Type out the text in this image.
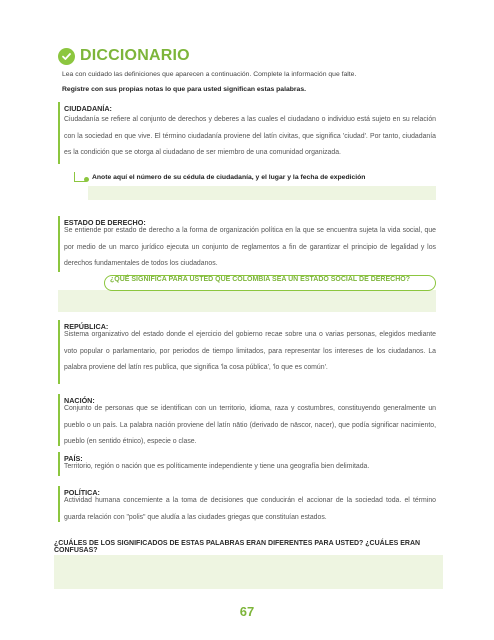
DICCIONARIO
Lea con cuidado las definiciones que aparecen a continuación. Complete la información que falte.
Registre con sus propias notas lo que para usted significan estas palabras.
CIUDADANÍA:
Ciudadanía se refiere al conjunto de derechos y deberes a las cuales el ciudadano o individuo está sujeto en su relación con la sociedad en que vive. El término ciudadanía proviene del latín civitas, que significa 'ciudad'. Por tanto, ciudadanía es la condición que se otorga al ciudadano de ser miembro de una comunidad organizada.
Anote aquí el número de su cédula de ciudadanía, y el lugar y la fecha de expedición
ESTADO DE DERECHO:
Se entiende por estado de derecho a la forma de organización política en la que se encuentra sujeta la vida social, que por medio de un marco jurídico ejecuta un conjunto de reglamentos a fin de garantizar el principio de legalidad y los derechos fundamentales de todos los ciudadanos.
¿QUÉ SIGNIFICA PARA USTED QUE COLOMBIA SEA UN ESTADO SOCIAL DE DERECHO?
REPÚBLICA:
Sistema organizativo del estado donde el ejercicio del gobierno recae sobre una o varias personas, elegidos mediante voto popular o parlamentario, por periodos de tiempo limitados, para representar los intereses de los ciudadanos. La palabra proviene del latín res publica, que significa 'la cosa pública', 'lo que es común'.
NACIÓN:
Conjunto de personas que se identifican con un territorio, idioma, raza y costumbres, constituyendo generalmente un pueblo o un país. La palabra nación proviene del latín nātio (derivado de nāscor, nacer), que podía significar nacimiento, pueblo (en sentido étnico), especie o clase.
PAÍS:
Territorio, región o nación que es políticamente independiente y tiene una geografía bien delimitada.
POLÍTICA:
Actividad humana concerniente a la toma de decisiones que conducirán el accionar de la sociedad toda. el término guarda relación con "polis" que aludía a las ciudades griegas que constituían estados.
¿CUÁLES DE LOS SIGNIFICADOS DE ESTAS PALABRAS ERAN DIFERENTES PARA USTED? ¿CUÁLES ERAN CONFUSAS?
67
